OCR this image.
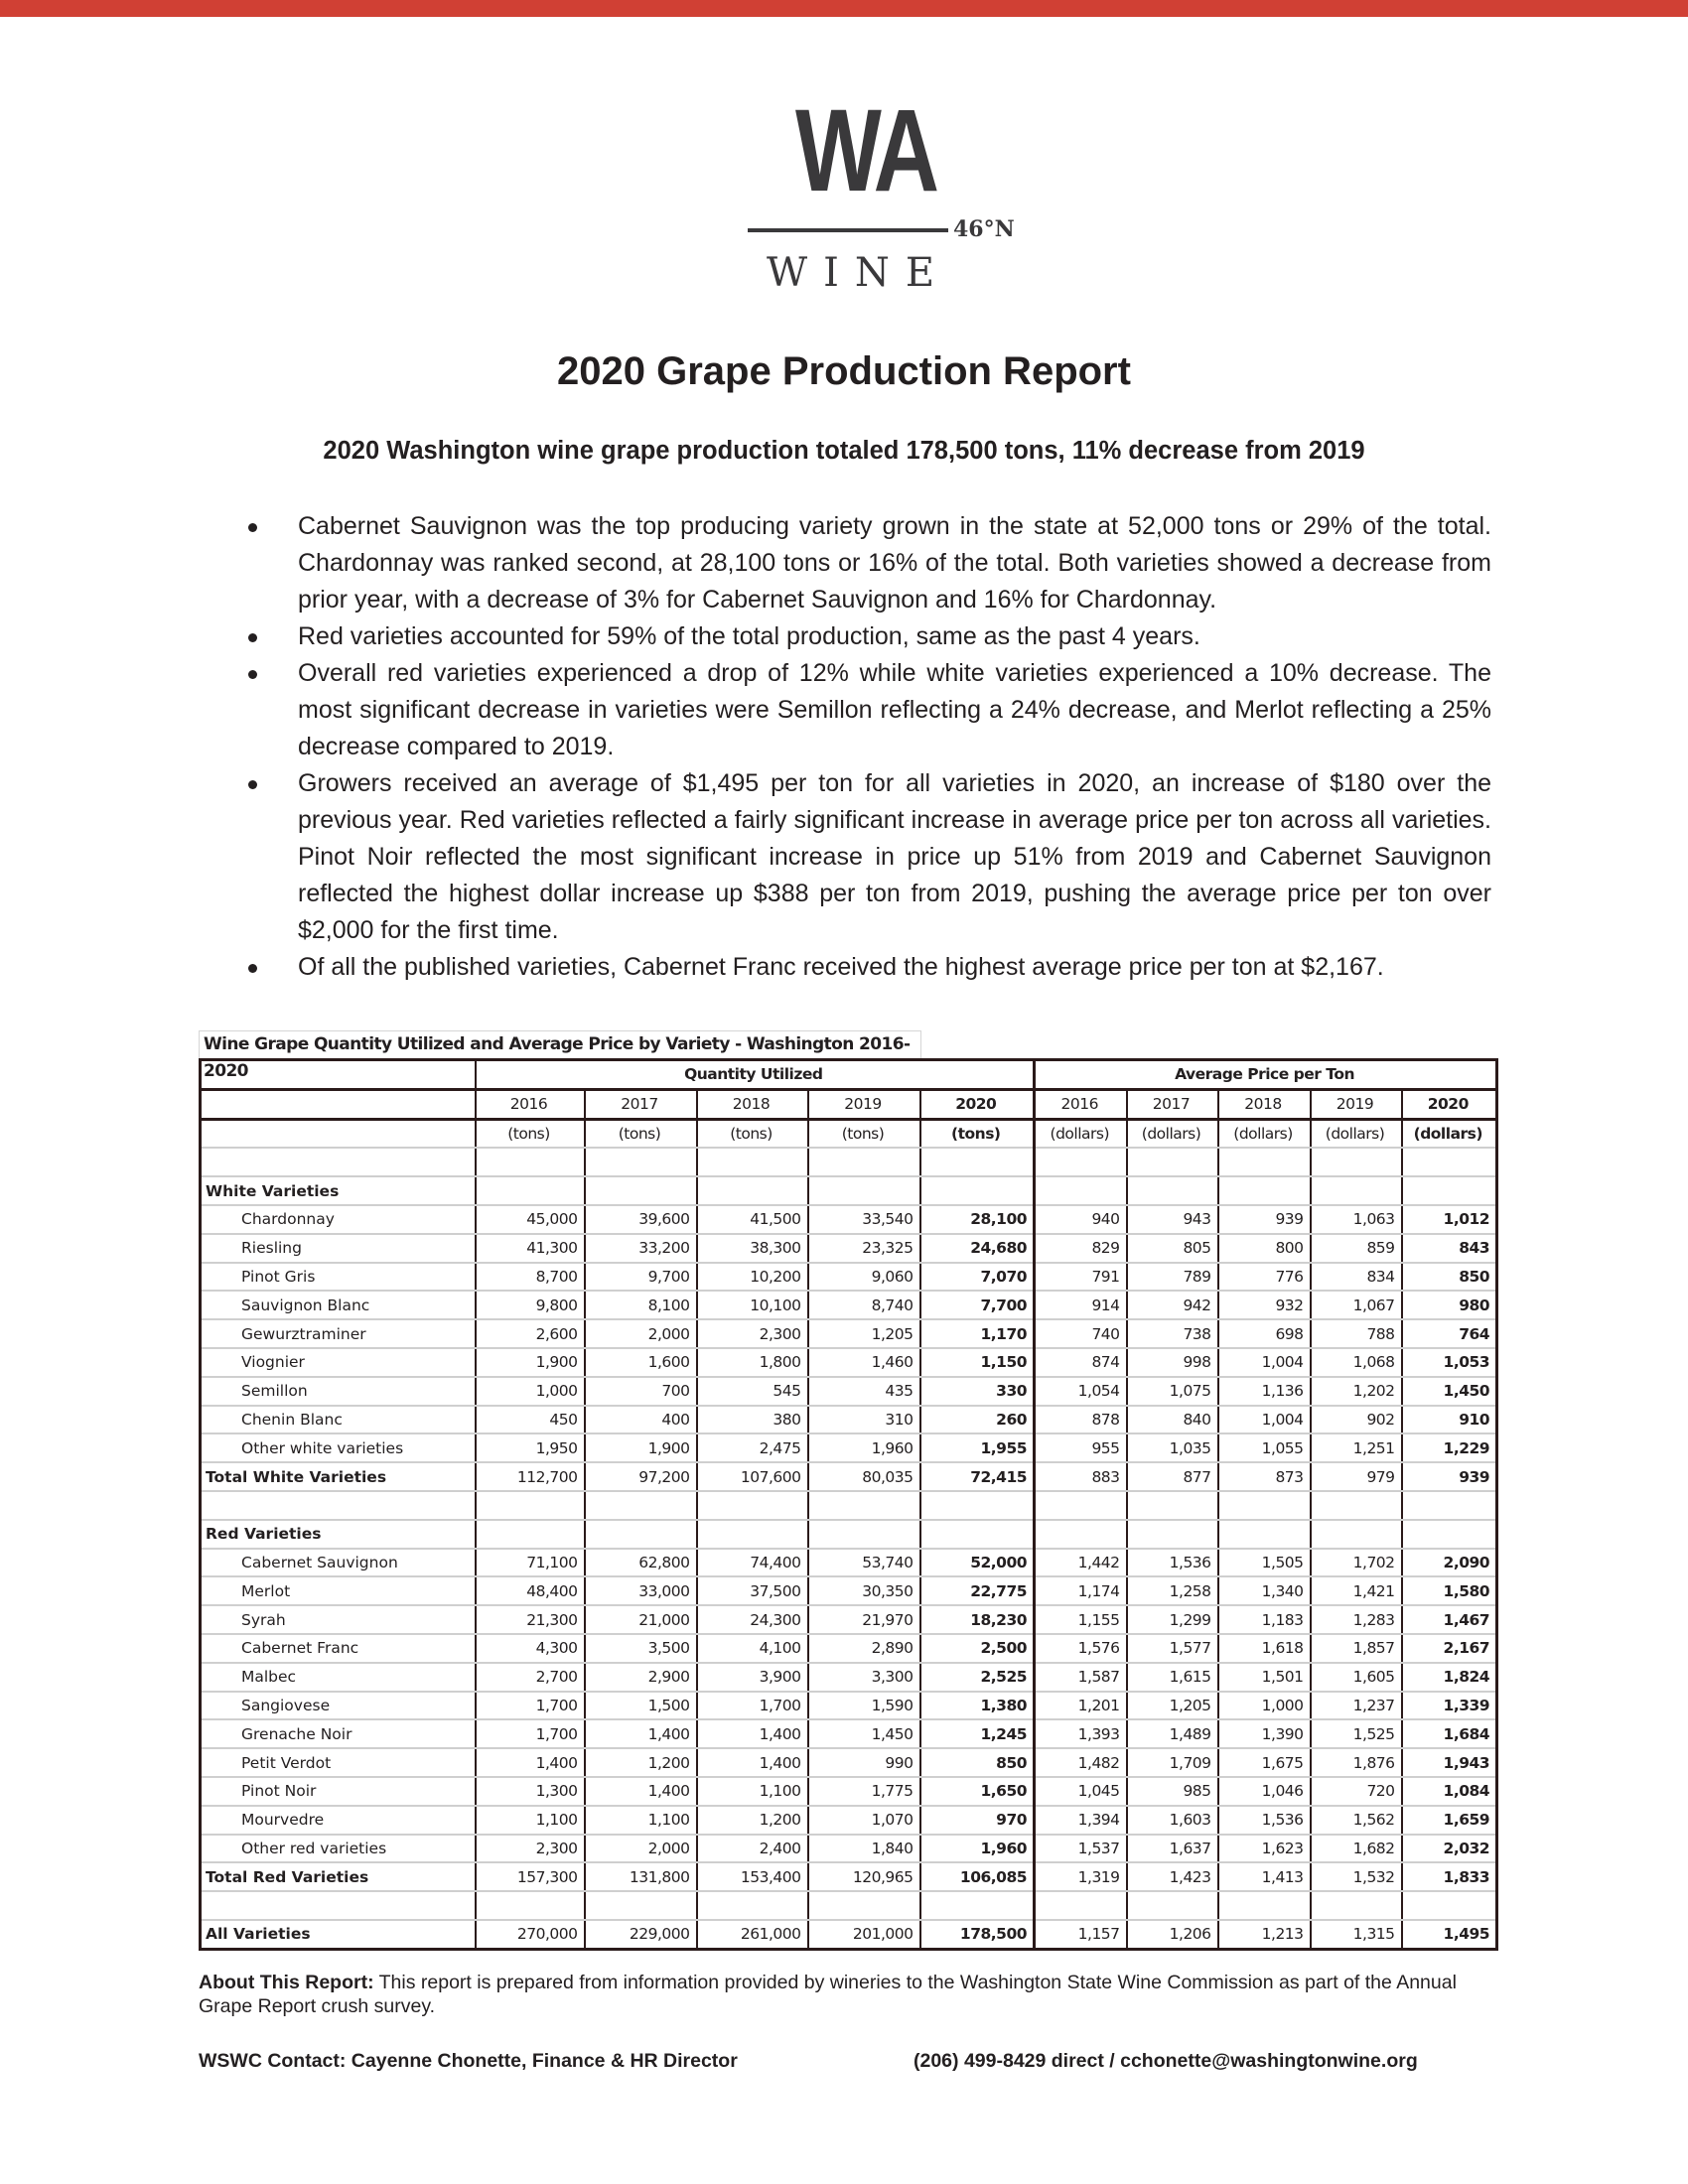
WA
46°N
WINE
2020 Grape Production Report
2020 Washington wine grape production totaled 178,500 tons, 11% decrease from 2019
Cabernet Sauvignon was the top producing variety grown in the state at 52,000 tons or 29% of the total. Chardonnay was ranked second, at 28,100 tons or 16% of the total. Both varieties showed a decrease from prior year, with a decrease of 3% for Cabernet Sauvignon and 16% for Chardonnay.
Red varieties accounted for 59% of the total production, same as the past 4 years.
Overall red varieties experienced a drop of 12% while white varieties experienced a 10% decrease. The most significant decrease in varieties were Semillon reflecting a 24% decrease, and Merlot reflecting a 25% decrease compared to 2019.
Growers received an average of $1,495 per ton for all varieties in 2020, an increase of $180 over the previous year. Red varieties reflected a fairly significant increase in average price per ton across all varieties. Pinot Noir reflected the most significant increase in price up 51% from 2019 and Cabernet Sauvignon reflected the highest dollar increase up $388 per ton from 2019, pushing the average price per ton over $2,000 for the first time.
Of all the published varieties, Cabernet Franc received the highest average price per ton at $2,167.
Wine Grape Quantity Utilized and Average Price by Variety - Washington 2016-2020
		Quantity Utilized					Average Price per Ton				
	2016	2017	2018	2019	2020	2016	2017	2018	2019	2020
	(tons)	(tons)	(tons)	(tons)	(tons)	(dollars)	(dollars)	(dollars)	(dollars)	(dollars)

White Varieties										
Chardonnay	45,000	39,600	41,500	33,540	28,100	940	943	939	1,063	1,012
Riesling	41,300	33,200	38,300	23,325	24,680	829	805	800	859	843
Pinot Gris	8,700	9,700	10,200	9,060	7,070	791	789	776	834	850
Sauvignon Blanc	9,800	8,100	10,100	8,740	7,700	914	942	932	1,067	980
Gewurztraminer	2,600	2,000	2,300	1,205	1,170	740	738	698	788	764
Viognier	1,900	1,600	1,800	1,460	1,150	874	998	1,004	1,068	1,053
Semillon	1,000	700	545	435	330	1,054	1,075	1,136	1,202	1,450
Chenin Blanc	450	400	380	310	260	878	840	1,004	902	910
Other white varieties	1,950	1,900	2,475	1,960	1,955	955	1,035	1,055	1,251	1,229
Total White Varieties	112,700	97,200	107,600	80,035	72,415	883	877	873	979	939

Red Varieties										
Cabernet Sauvignon	71,100	62,800	74,400	53,740	52,000	1,442	1,536	1,505	1,702	2,090
Merlot	48,400	33,000	37,500	30,350	22,775	1,174	1,258	1,340	1,421	1,580
Syrah	21,300	21,000	24,300	21,970	18,230	1,155	1,299	1,183	1,283	1,467
Cabernet Franc	4,300	3,500	4,100	2,890	2,500	1,576	1,577	1,618	1,857	2,167
Malbec	2,700	2,900	3,900	3,300	2,525	1,587	1,615	1,501	1,605	1,824
Sangiovese	1,700	1,500	1,700	1,590	1,380	1,201	1,205	1,000	1,237	1,339
Grenache Noir	1,700	1,400	1,400	1,450	1,245	1,393	1,489	1,390	1,525	1,684
Petit Verdot	1,400	1,200	1,400	990	850	1,482	1,709	1,675	1,876	1,943
Pinot Noir	1,300	1,400	1,100	1,775	1,650	1,045	985	1,046	720	1,084
Mourvedre	1,100	1,100	1,200	1,070	970	1,394	1,603	1,536	1,562	1,659
Other red varieties	2,300	2,000	2,400	1,840	1,960	1,537	1,637	1,623	1,682	2,032
Total Red Varieties	157,300	131,800	153,400	120,965	106,085	1,319	1,423	1,413	1,532	1,833

All Varieties	270,000	229,000	261,000	201,000	178,500	1,157	1,206	1,213	1,315	1,495
About This Report: This report is prepared from information provided by wineries to the Washington State Wine Commission as part of the Annual Grape Report crush survey.
WSWC Contact: Cayenne Chonette, Finance & HR Director	(206) 499-8429 direct / cchonette@washingtonwine.org
